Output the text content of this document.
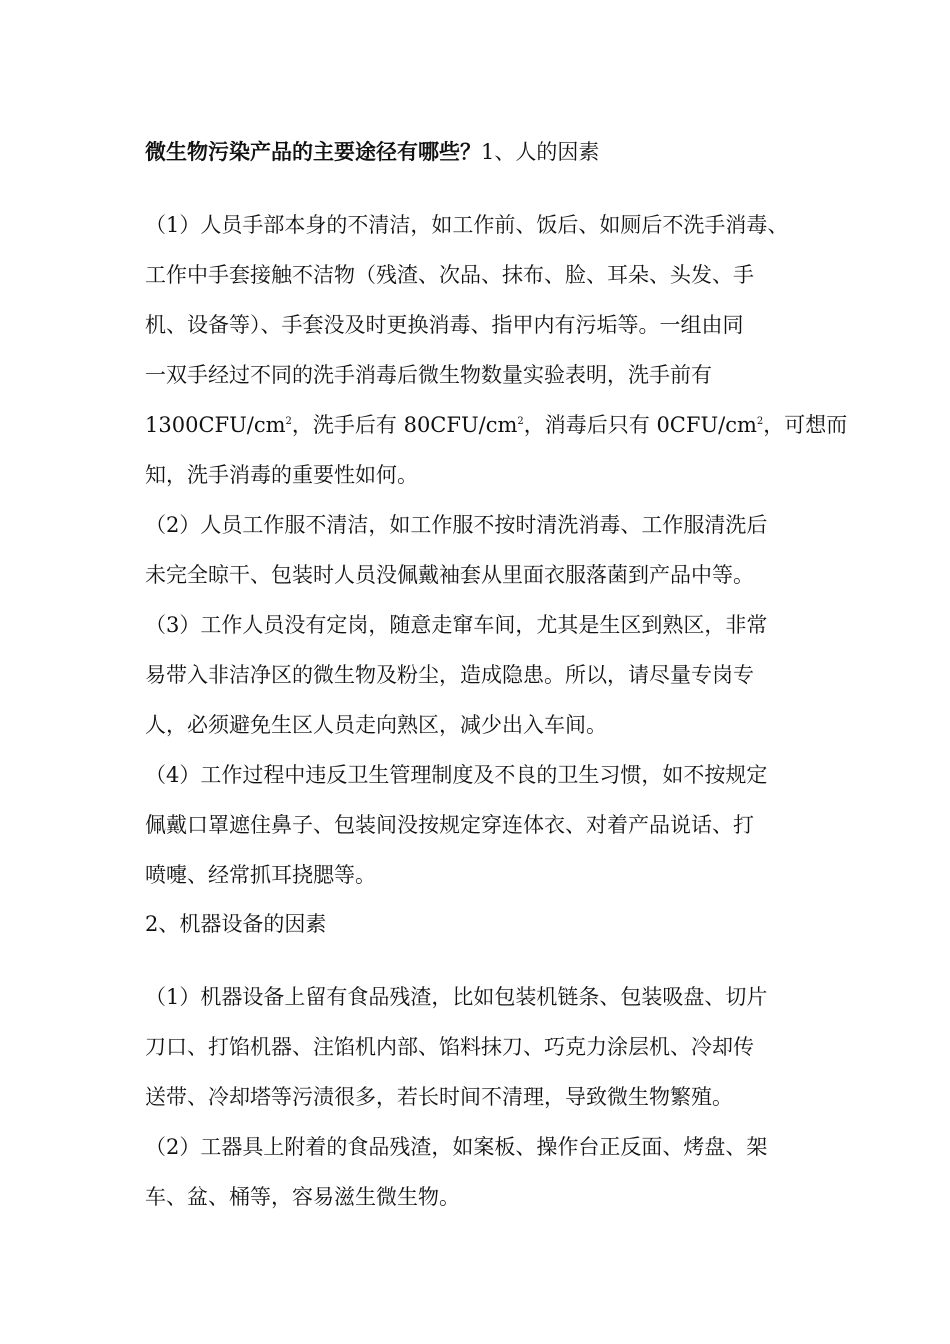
微生物污染产品的主要途径有哪些？1、人的因素

（1）人员手部本身的不清洁，如工作前、饭后、如厕后不洗手消毒、
工作中手套接触不洁物（残渣、次品、抹布、脸、耳朵、头发、手
机、设备等）、手套没及时更换消毒、指甲内有污垢等。一组由同
一双手经过不同的洗手消毒后微生物数量实验表明，洗手前有
$1300CFU/cm^2$，洗手后有 $80CFU/cm^2$，消毒后只有 $0CFU/cm^2$，可想而
知，洗手消毒的重要性如何。

（2）人员工作服不清洁，如工作服不按时清洗消毒、工作服清洗后
未完全晾干、包装时人员没佩戴袖套从里面衣服落菌到产品中等。

（3）工作人员没有定岗，随意走窜车间，尤其是生区到熟区，非常
易带入非洁净区的微生物及粉尘，造成隐患。所以，请尽量专岗专
人，必须避免生区人员走向熟区，减少出入车间。

（4）工作过程中违反卫生管理制度及不良的卫生习惯，如不按规定
佩戴口罩遮住鼻子、包装间没按规定穿连体衣、对着产品说话、打
喷嚏、经常抓耳挠腮等。

2、机器设备的因素

（1）机器设备上留有食品残渣，比如包装机链条、包装吸盘、切片
刀口、打馅机器、注馅机内部、馅料抹刀、巧克力涂层机、冷却传
送带、冷却塔等污渍很多，若长时间不清理，导致微生物繁殖。

（2）工器具上附着的食品残渣，如案板、操作台正反面、烤盘、架
车、盆、桶等，容易滋生微生物。
